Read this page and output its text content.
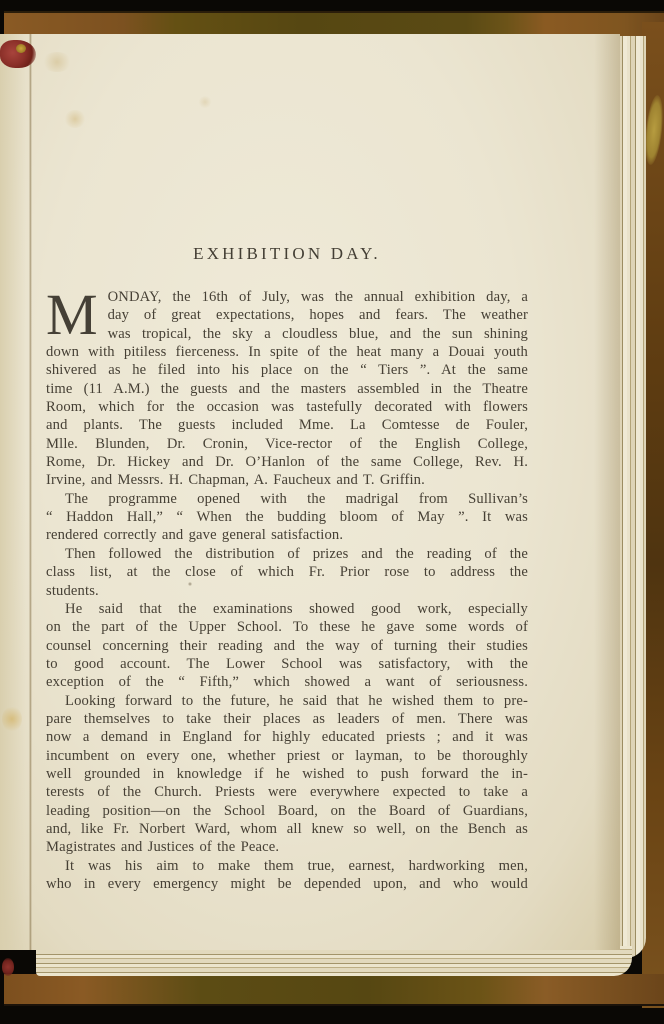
EXHIBITION DAY.
M ONDAY, the 16th of July, was the annual exhibition day, a
day of great expectations, hopes and fears. The weather
was tropical, the sky a cloudless blue, and the sun shining
down with pitiless fierceness. In spite of the heat many a Douai youth
shivered as he filed into his place on the “ Tiers ”. At the same
time (11 A.M.) the guests and the masters assembled in the Theatre
Room, which for the occasion was tastefully decorated with flowers
and plants. The guests included Mme. La Comtesse de Fouler,
Mlle. Blunden, Dr. Cronin, Vice-rector of the English College,
Rome, Dr. Hickey and Dr. O’Hanlon of the same College, Rev. H.
Irvine, and Messrs. H. Chapman, A. Faucheux and T. Griffin.
The programme opened with the madrigal from Sullivan’s
“ Haddon Hall,” “ When the budding bloom of May ”. It was
rendered correctly and gave general satisfaction.
Then followed the distribution of prizes and the reading of the
class list, at the close of which Fr. Prior rose to address the
students.
He said that the examinations showed good work, especially
on the part of the Upper School. To these he gave some words of
counsel concerning their reading and the way of turning their studies
to good account. The Lower School was satisfactory, with the
exception of the “ Fifth,” which showed a want of seriousness.
Looking forward to the future, he said that he wished them to pre-
pare themselves to take their places as leaders of men. There was
now a demand in England for highly educated priests ; and it was
incumbent on every one, whether priest or layman, to be thoroughly
well grounded in knowledge if he wished to push forward the in-
terests of the Church. Priests were everywhere expected to take a
leading position—on the School Board, on the Board of Guardians,
and, like Fr. Norbert Ward, whom all knew so well, on the Bench as
Magistrates and Justices of the Peace.
It was his aim to make them true, earnest, hardworking men,
who in every emergency might be depended upon, and who would
